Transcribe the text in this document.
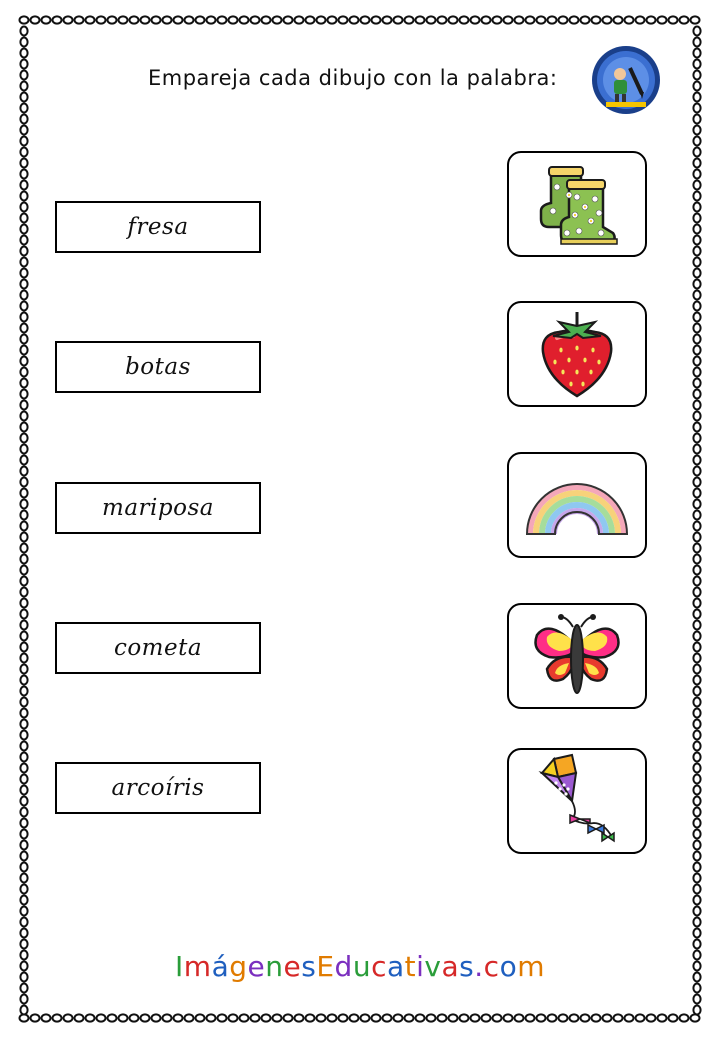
Empareja cada dibujo con la palabra:
fresa
botas
mariposa
cometa
arcoíris
ImágenesEducativas.com
